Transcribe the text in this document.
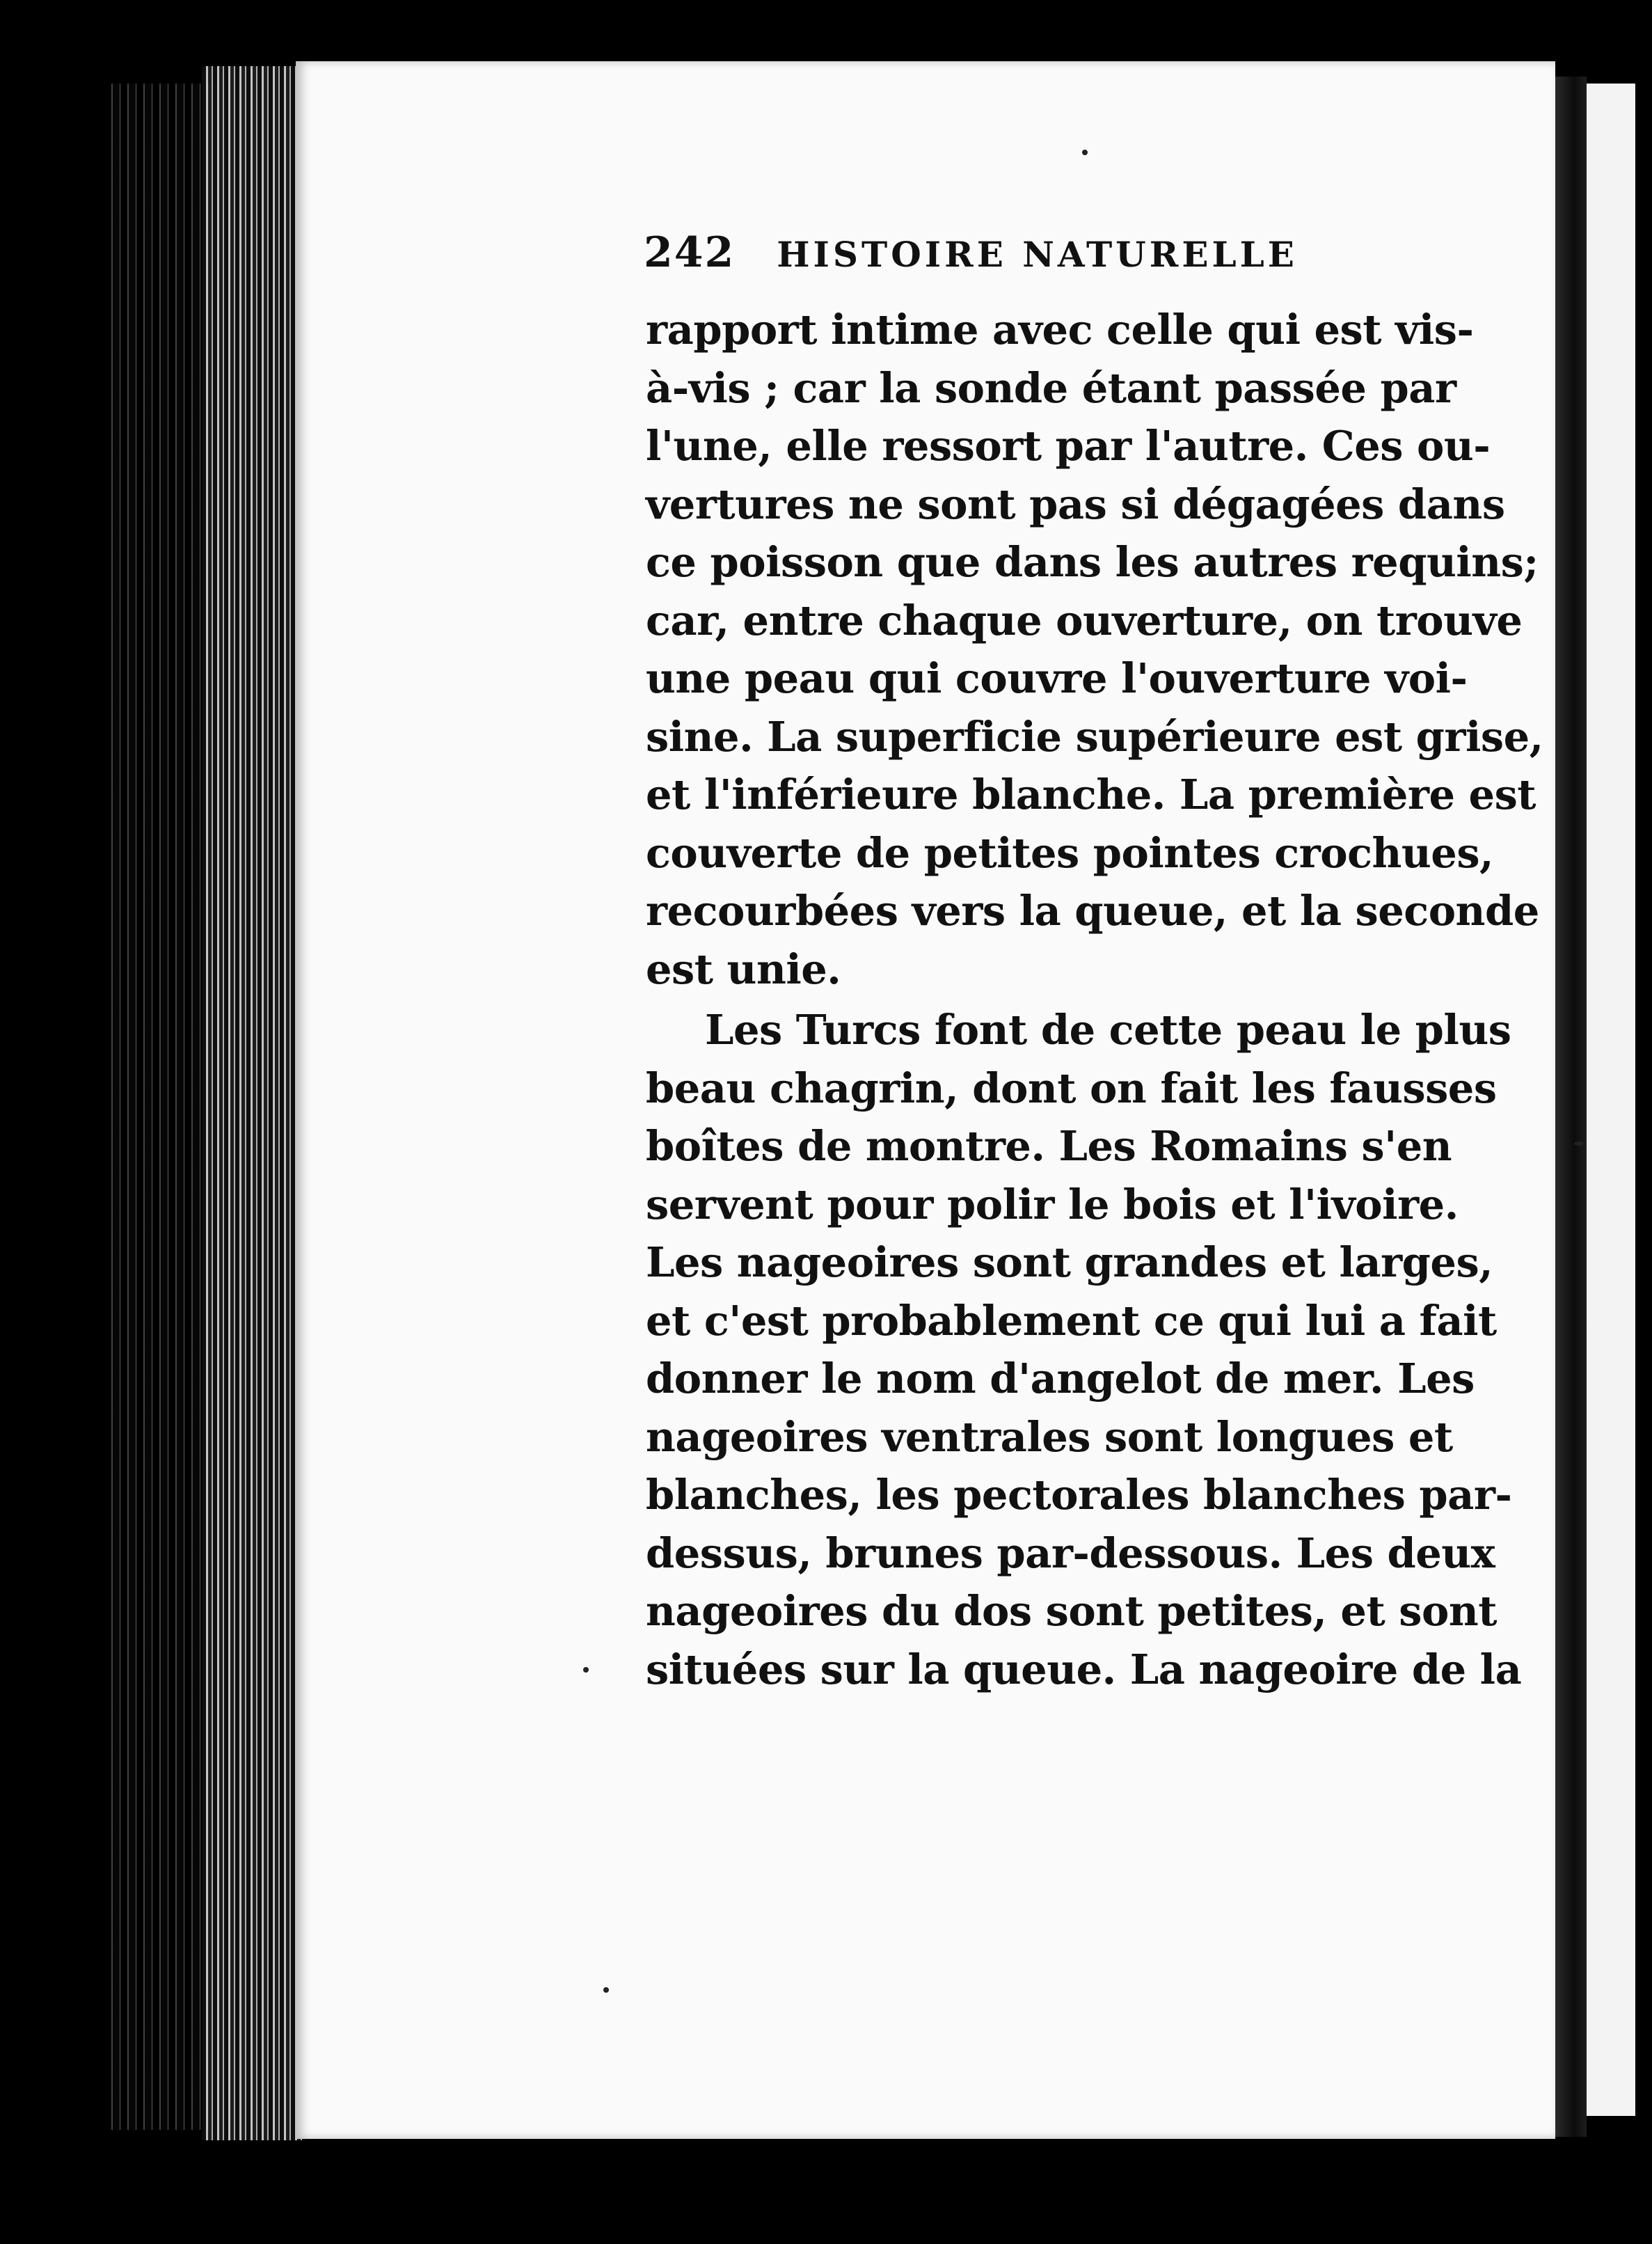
242 HISTOIRE NATURELLE
rapport intime avec celle qui est vis-
à-vis ; car la sonde étant passée par
l'une, elle ressort par l'autre. Ces ou-
vertures ne sont pas si dégagées dans
ce poisson que dans les autres requins;
car, entre chaque ouverture, on trouve
une peau qui couvre l'ouverture voi-
sine. La superficie supérieure est grise,
et l'inférieure blanche. La première est
couverte de petites pointes crochues,
recourbées vers la queue, et la seconde
est unie.
Les Turcs font de cette peau le plus
beau chagrin, dont on fait les fausses
boîtes de montre. Les Romains s'en
servent pour polir le bois et l'ivoire.
Les nageoires sont grandes et larges,
et c'est probablement ce qui lui a fait
donner le nom d'angelot de mer. Les
nageoires ventrales sont longues et
blanches, les pectorales blanches par-
dessus, brunes par-dessous. Les deux
nageoires du dos sont petites, et sont
situées sur la queue. La nageoire de la
